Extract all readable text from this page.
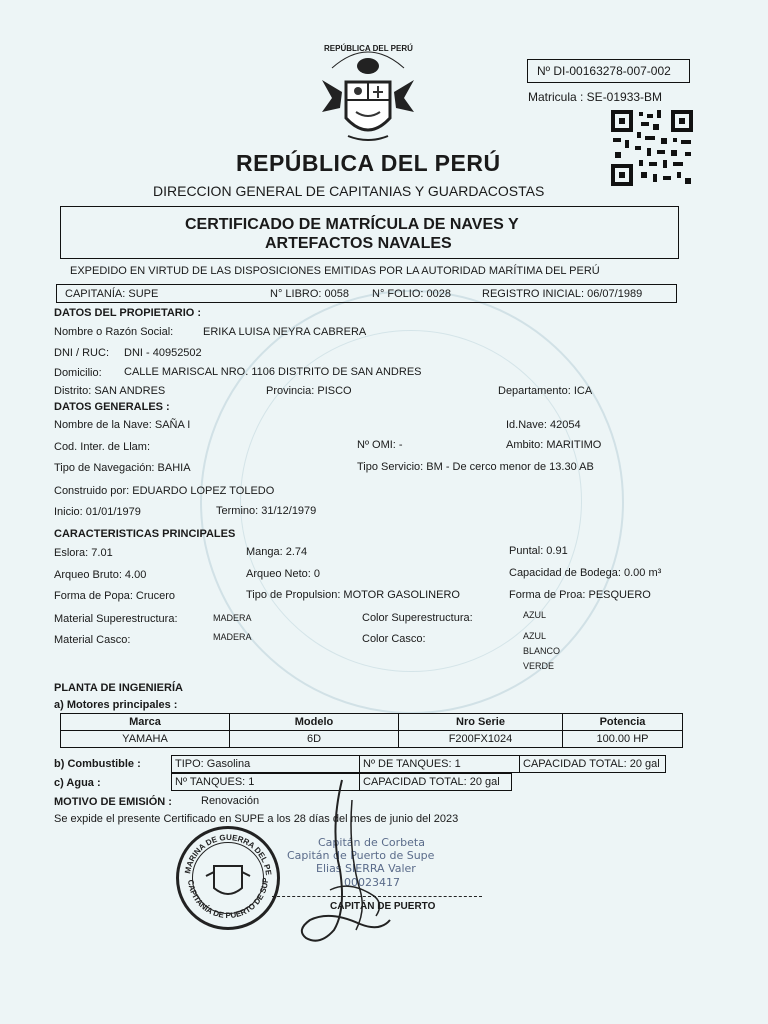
REPÚBLICA DEL PERÚ
Nº DI-00163278-007-002
Matricula : SE-01933-BM
REPÚBLICA DEL PERÚ
DIRECCION GENERAL DE CAPITANIAS Y GUARDACOSTAS
CERTIFICADO DE MATRÍCULA DE NAVES Y
ARTEFACTOS NAVALES
EXPEDIDO EN VIRTUD DE LAS DISPOSICIONES EMITIDAS POR LA AUTORIDAD MARÍTIMA DEL PERÚ
CAPITANÍA: SUPE	N° LIBRO: 0058 N° FOLIO: 0028	REGISTRO INICIAL: 06/07/1989
DATOS DEL PROPIETARIO :
Nombre o Razón Social:	ERIKA LUISA NEYRA CABRERA
DNI / RUC: DNI - 40952502
Domicilio: CALLE MARISCAL NRO. 1106 DISTRITO DE SAN ANDRES
Distrito: SAN ANDRES	Provincia: PISCO	Departamento: ICA
DATOS GENERALES :
Nombre de la Nave: SAÑA I	Id.Nave: 42054
Cod. Inter. de Llam:	Nº OMI: -	Ambito: MARITIMO
Tipo de Navegación: BAHIA	Tipo Servicio: BM - De cerco menor de 13.30 AB
Construido por: EDUARDO LOPEZ TOLEDO
Inicio: 01/01/1979	Termino: 31/12/1979
CARACTERISTICAS PRINCIPALES
Eslora: 7.01	Manga: 2.74	Puntal: 0.91
Arqueo Bruto: 4.00	Arqueo Neto: 0	Capacidad de Bodega: 0.00 m³
Forma de Popa: Crucero	Tipo de Propulsion: MOTOR GASOLINERO	Forma de Proa: PESQUERO
Material Superestructura:	MADERA	Color Superestructura:	AZUL
Material Casco:	MADERA	Color Casco:	AZUL
BLANCO
VERDE
PLANTA DE INGENIERÍA
a) Motores principales :
Marca	Modelo	Nro Serie	Potencia
YAMAHA	6D	F200FX1024	100.00 HP
b) Combustible :	TIPO: Gasolina	Nº DE TANQUES: 1	CAPACIDAD TOTAL: 20 gal
c) Agua :	Nº TANQUES: 1	CAPACIDAD TOTAL: 20 gal
MOTIVO DE EMISIÓN :	Renovación
Se expide el presente Certificado en SUPE a los 28 días del mes de junio del 2023
Capitán de Corbeta
Capitán de Puerto de Supe
Elias SIERRA Valer
00023417
CAPITÁN DE PUERTO
MARINA DE GUERRA DEL PE
CAPITANÍA DE PUERTO DE SUP
